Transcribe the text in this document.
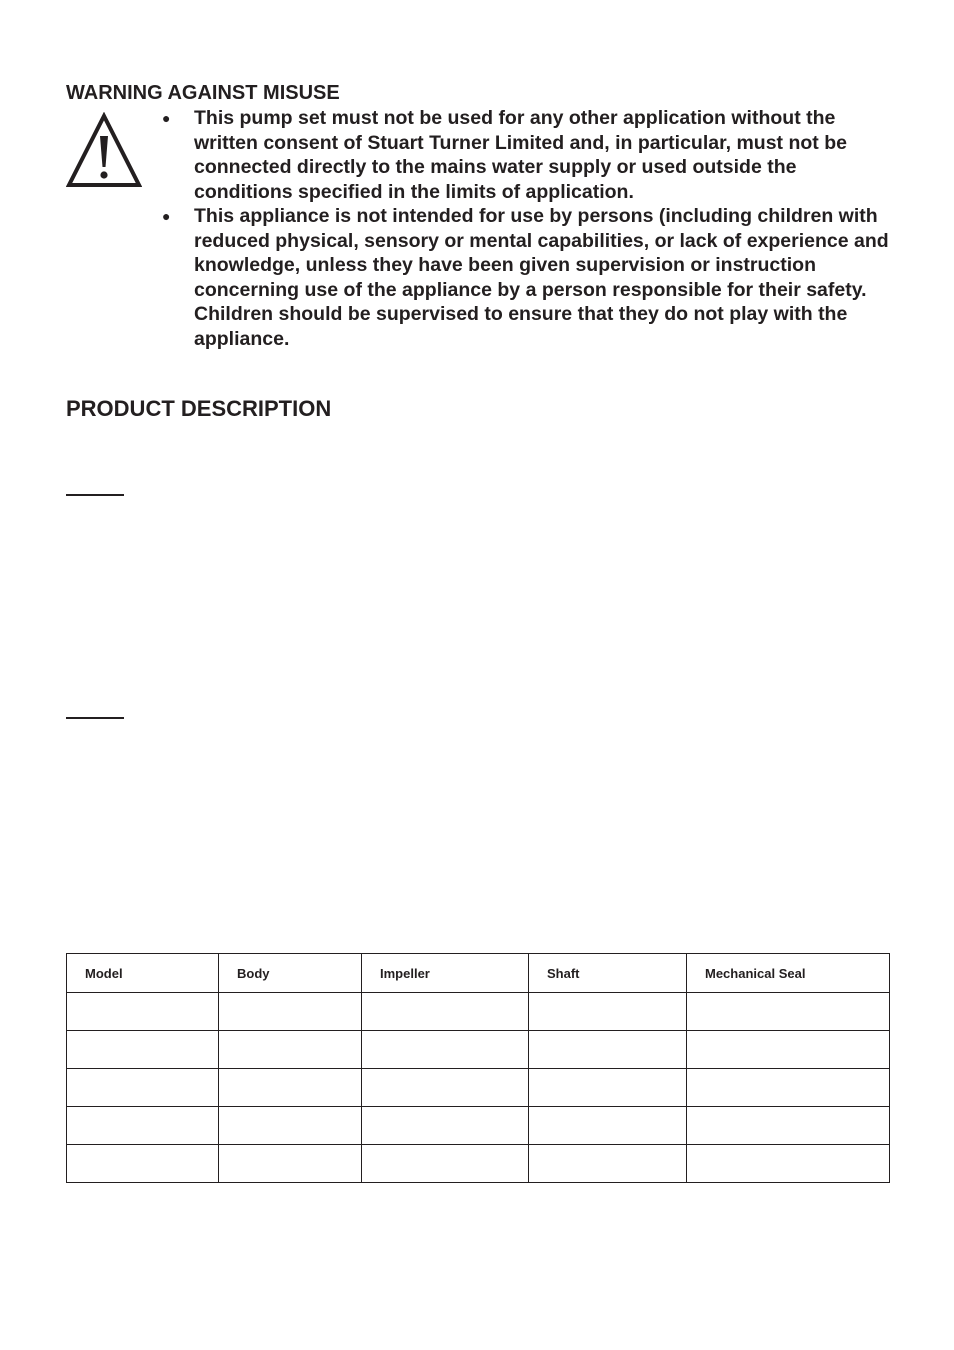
WARNING AGAINST MISUSE
● This pump set must not be used for any other application without the written consent of Stuart Turner Limited and, in particular, must not be connected directly to the mains water supply or used outside the conditions specified in the limits of application.
● This appliance is not intended for use by persons (including children with reduced physical, sensory or mental capabilities, or lack of experience and knowledge, unless they have been given supervision or instruction concerning use of the appliance by a person responsible for their safety.
Children should be supervised to ensure that they do not play with the appliance.
PRODUCT DESCRIPTION
Model	Body	Impeller	Shaft	Mechanical Seal
